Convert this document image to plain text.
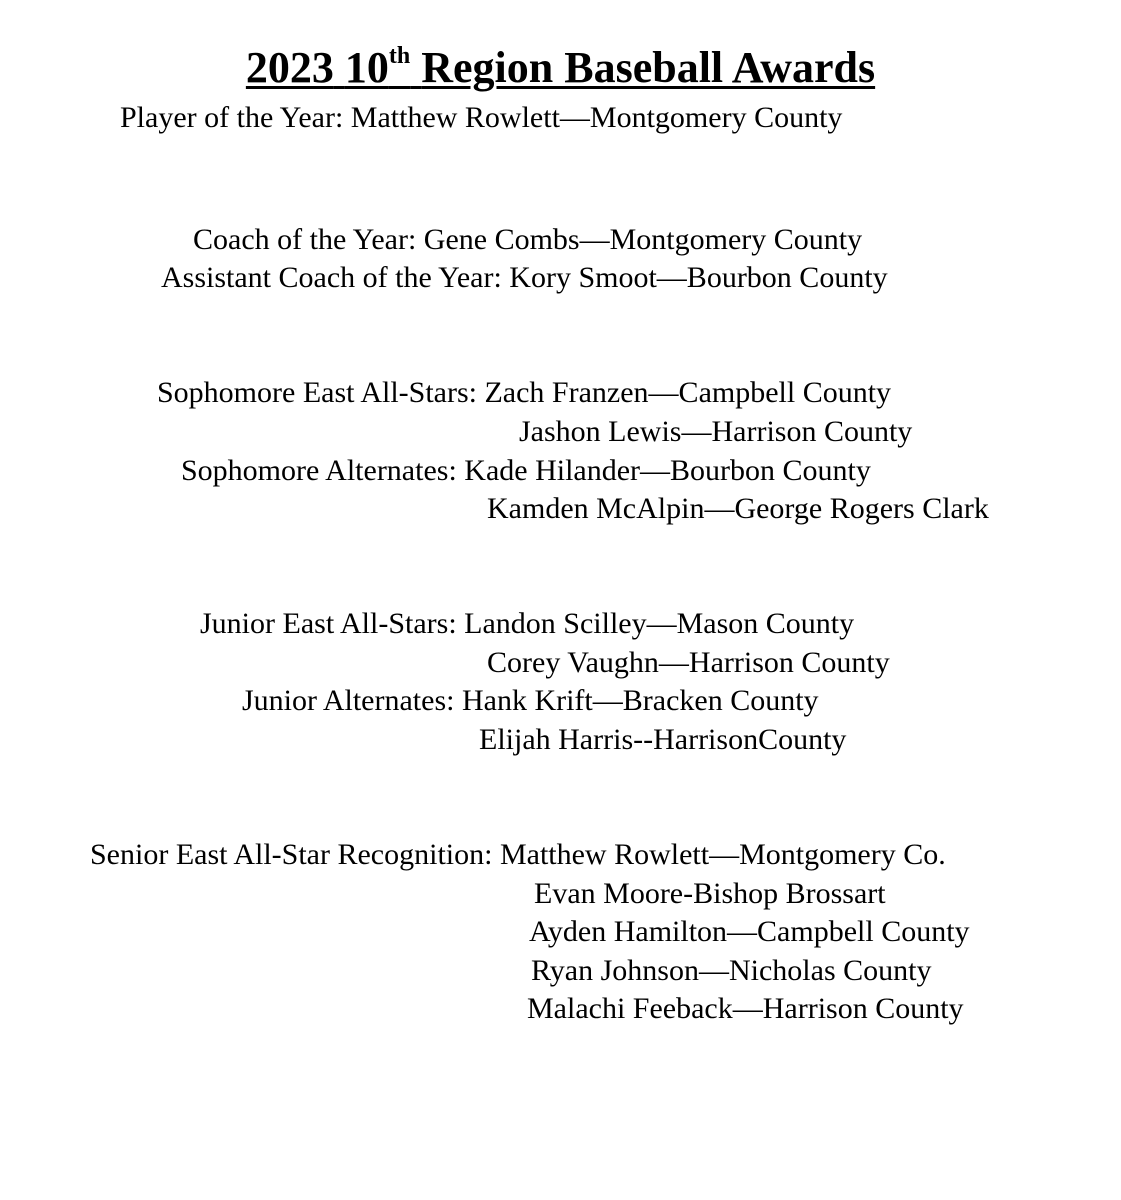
2023 10th Region Baseball Awards
Player of the Year: Matthew Rowlett—Montgomery County
Coach of the Year: Gene Combs—Montgomery County
Assistant Coach of the Year: Kory Smoot—Bourbon County
Sophomore East All-Stars: Zach Franzen—Campbell County
Jashon Lewis—Harrison County
Sophomore Alternates: Kade Hilander—Bourbon County
Kamden McAlpin—George Rogers Clark
Junior East All-Stars: Landon Scilley—Mason County
Corey Vaughn—Harrison County
Junior Alternates: Hank Krift—Bracken County
Elijah Harris--HarrisonCounty
Senior East All-Star Recognition: Matthew Rowlett—Montgomery Co.
Evan Moore-Bishop Brossart
Ayden Hamilton—Campbell County
Ryan Johnson—Nicholas County
Malachi Feeback—Harrison County
